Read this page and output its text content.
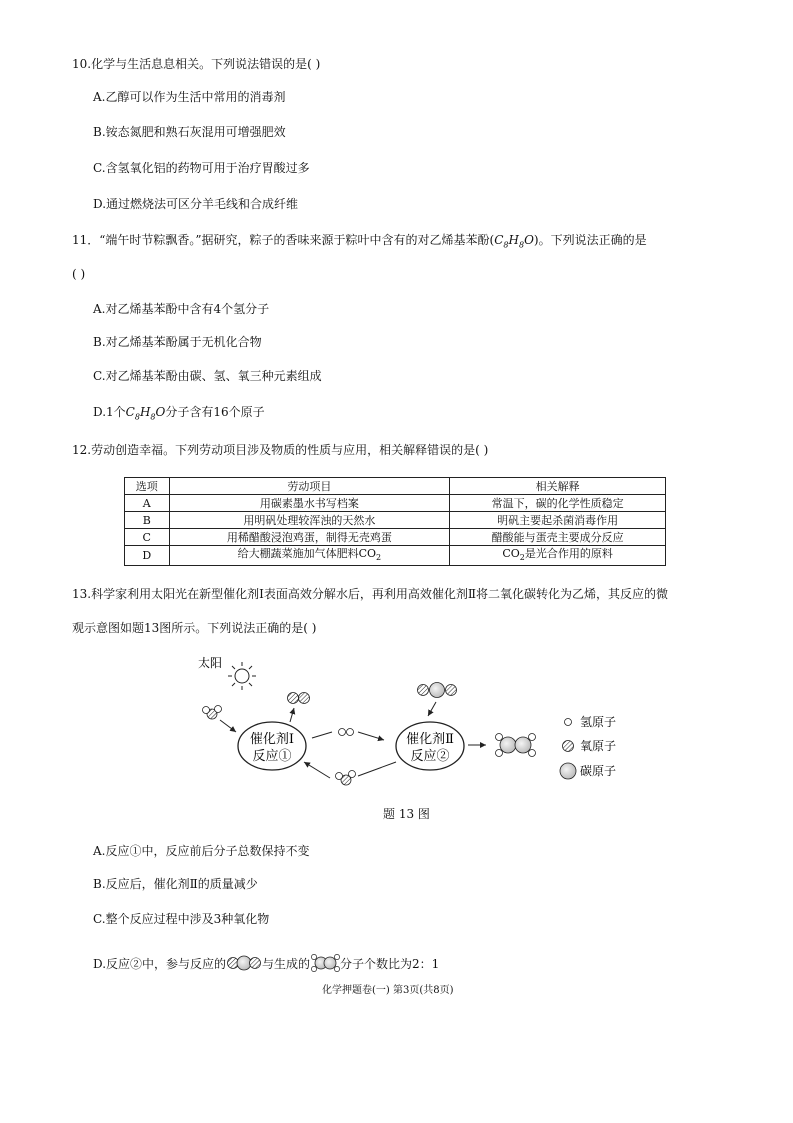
10.化学与生活息息相关。下列说法错误的是( )
A.乙醇可以作为生活中常用的消毒剂
B.铵态氮肥和熟石灰混用可增强肥效
C.含氢氧化铝的药物可用于治疗胃酸过多
D.通过燃烧法可区分羊毛线和合成纤维
11．“端午时节粽飘香。”据研究，粽子的香味来源于粽叶中含有的对乙烯基苯酚$(C_8H_8O)$。下列说法正确的是
( )
A.对乙烯基苯酚中含有4个氢分子
B.对乙烯基苯酚属于无机化合物
C.对乙烯基苯酚由碳、氢、氧三种元素组成
D.1个$C_8H_8O$分子含有16个原子
12.劳动创造幸福。下列劳动项目涉及物质的性质与应用，相关解释错误的是( )
选项	劳动项目	相关解释
A	用碳素墨水书写档案	常温下，碳的化学性质稳定
B	用明矾处理较浑浊的天然水	明矾主要起杀菌消毒作用
C	用稀醋酸浸泡鸡蛋，制得无壳鸡蛋	醋酸能与蛋壳主要成分反应
D	给大棚蔬菜施加气体肥料$CO_2$	$CO_2$是光合作用的原料
13.科学家利用太阳光在新型催化剂Ⅰ表面高效分解水后，再利用高效催化剂Ⅱ将二氧化碳转化为乙烯，其反应的微
观示意图如题13图所示。下列说法正确的是( )
太阳
催化剂Ⅰ
反应①
催化剂Ⅱ
反应②
氢原子
氧原子
碳原子
题 13 图
A.反应①中，反应前后分子总数保持不变
B.反应后，催化剂Ⅱ的质量减少
C.整个反应过程中涉及3种氧化物
D.反应②中，参与反应的	与生成的	分子个数比为2：1
化学押题卷(一) 第3页(共8页)
